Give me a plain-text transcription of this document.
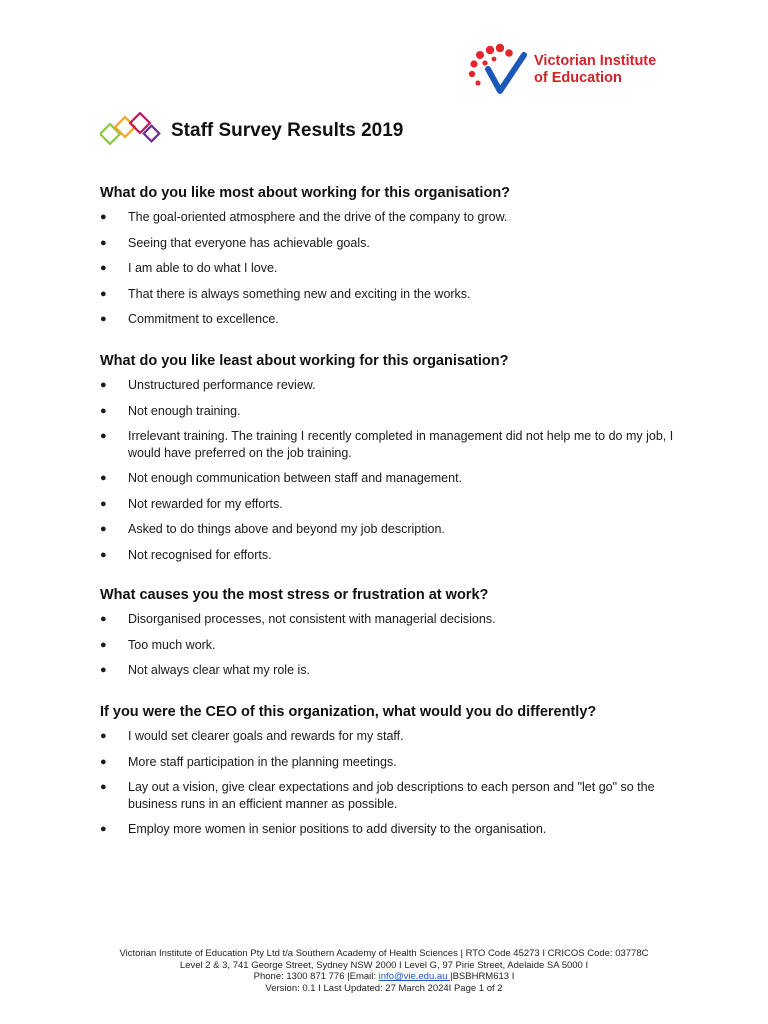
Victorian Institute
of Education
Staff Survey Results 2019
What do you like most about working for this organisation?
● The goal-oriented atmosphere and the drive of the company to grow.
● Seeing that everyone has achievable goals.
● I am able to do what I love.
● That there is always something new and exciting in the works.
● Commitment to excellence.
What do you like least about working for this organisation?
● Unstructured performance review.
● Not enough training.
● Irrelevant training. The training I recently completed in management did not help me to do my job, I would have preferred on the job training.
● Not enough communication between staff and management.
● Not rewarded for my efforts.
● Asked to do things above and beyond my job description.
● Not recognised for efforts.
What causes you the most stress or frustration at work?
● Disorganised processes, not consistent with managerial decisions.
● Too much work.
● Not always clear what my role is.
If you were the CEO of this organization, what would you do differently?
● I would set clearer goals and rewards for my staff.
● More staff participation in the planning meetings.
● Lay out a vision, give clear expectations and job descriptions to each person and "let go" so the business runs in an efficient manner as possible.
● Employ more women in senior positions to add diversity to the organisation.
Victorian Institute of Education Pty Ltd t/a Southern Academy of Health Sciences | RTO Code 45273 I CRICOS Code: 03778C
Level 2 & 3, 741 George Street, Sydney NSW 2000 I Level G, 97 Pirie Street, Adelaide SA 5000 I
Phone: 1300 871 776 |Email: info@vie.edu.au |BSBHRM613 I
Version: 0.1 I Last Updated: 27 March 2024I Page 1 of 2
